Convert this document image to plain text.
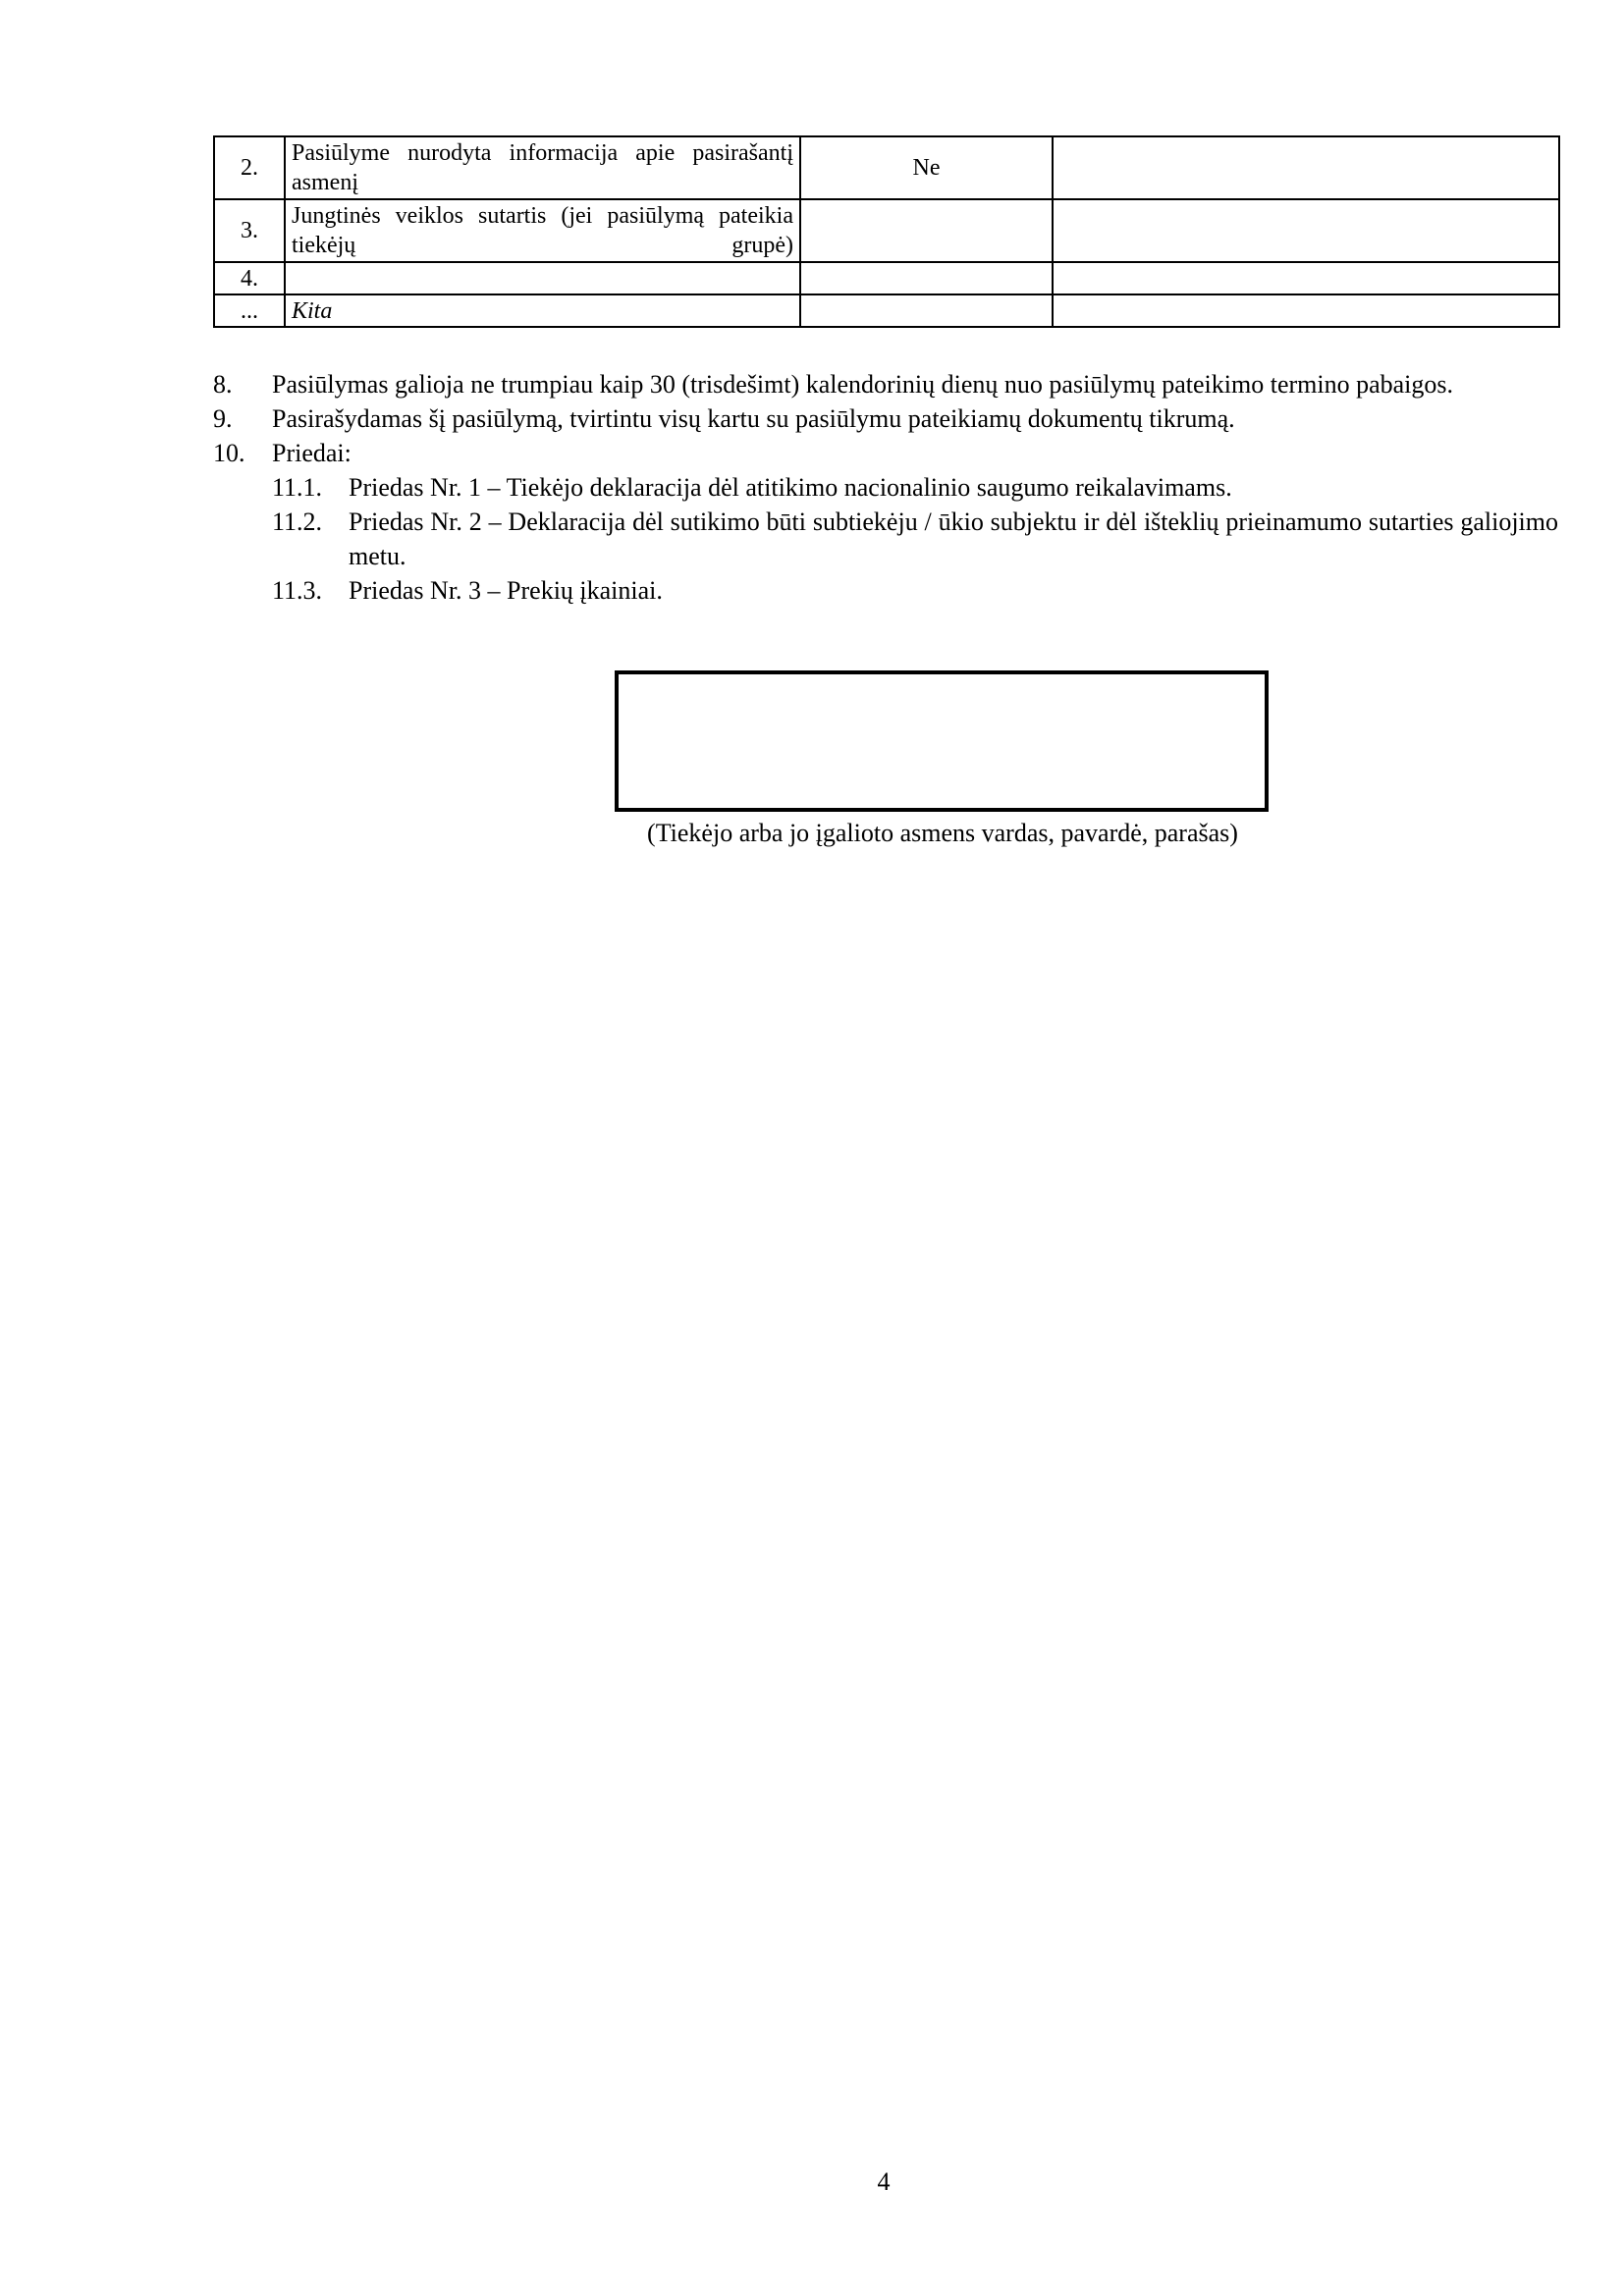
2.	Pasiūlyme nurodyta informacija apie pasirašantį asmenį	Ne	
3.	Jungtinės veiklos sutartis (jei pasiūlymą pateikia tiekėjų grupė)		
4.			
...	Kita		
8. Pasiūlymas galioja ne trumpiau kaip 30 (trisdešimt) kalendorinių dienų nuo pasiūlymų pateikimo termino pabaigos.
9. Pasirašydamas šį pasiūlymą, tvirtintu visų kartu su pasiūlymu pateikiamų dokumentų tikrumą.
10. Priedai:
11.1. Priedas Nr. 1 – Tiekėjo deklaracija dėl atitikimo nacionalinio saugumo reikalavimams.
11.2. Priedas Nr. 2 – Deklaracija dėl sutikimo būti subtiekėju / ūkio subjektu ir dėl išteklių prieinamumo sutarties galiojimo metu.
11.3. Priedas Nr. 3 – Prekių įkainiai.
(Tiekėjo arba jo įgalioto asmens vardas, pavardė, parašas)
4
